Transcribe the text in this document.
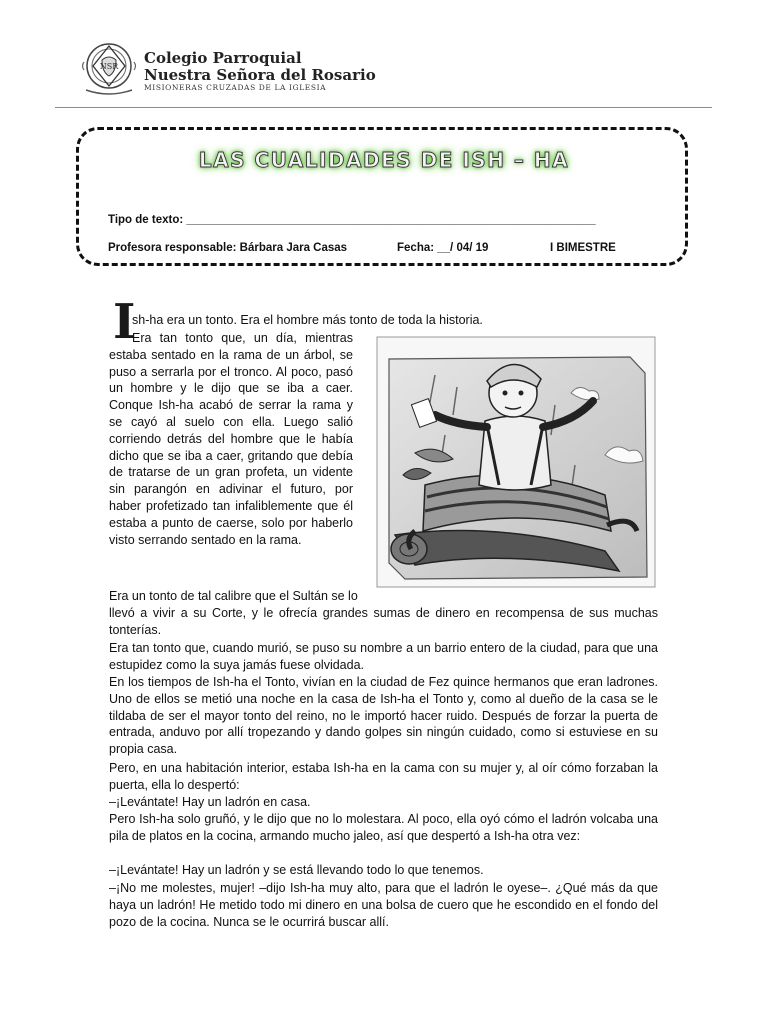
NSR Colegio Parroquial
Nuestra Señora del Rosario
MISIONERAS CRUZADAS DE LA IGLESIA
LAS CUALIDADES DE ISH – HA
Tipo de texto: ________________________________________________________________
Profesora responsable: Bárbara Jara Casas	Fecha: __/ 04/ 19	I BIMESTRE
I
sh-ha era un tonto. Era el hombre más tonto de toda la historia.
Era tan tonto que, un día, mientras estaba sentado en la rama de un árbol, se puso a serrarla por el tronco. Al poco, pasó un hombre y le dijo que se iba a caer. Conque Ish-ha acabó de serrar la rama y se cayó al suelo con ella. Luego salió corriendo detrás del hombre que le había dicho que se iba a caer, gritando que debía de tratarse de un gran profeta, un vidente sin parangón en adivinar el futuro, por haber profetizado tan infaliblemente que él estaba a punto de caerse, solo por haberlo visto serrando sentado en la rama.
Era un tonto de tal calibre que el Sultán se lo
llevó a vivir a su Corte, y le ofrecía grandes sumas de dinero en recompensa de sus muchas tonterías.
Era tan tonto que, cuando murió, se puso su nombre a un barrio entero de la ciudad, para que una estupidez como la suya jamás fuese olvidada.
En los tiempos de Ish-ha el Tonto, vivían en la ciudad de Fez quince hermanos que eran ladrones. Uno de ellos se metió una noche en la casa de Ish-ha el Tonto y, como al dueño de la casa se le tildaba de ser el mayor tonto del reino, no le importó hacer ruido. Después de forzar la puerta de entrada, anduvo por allí tropezando y dando golpes sin ningún cuidado, como si estuviese en su propia casa.
Pero, en una habitación interior, estaba Ish-ha en la cama con su mujer y, al oír cómo forzaban la puerta, ella lo despertó:
–¡Levántate! Hay un ladrón en casa.
Pero Ish-ha solo gruñó, y le dijo que no lo molestara. Al poco, ella oyó cómo el ladrón volcaba una pila de platos en la cocina, armando mucho jaleo, así que despertó a Ish-ha otra vez:
–¡Levántate! Hay un ladrón y se está llevando todo lo que tenemos.
–¡No me molestes, mujer! –dijo Ish-ha muy alto, para que el ladrón le oyese–. ¿Qué más da que haya un ladrón! He metido todo mi dinero en una bolsa de cuero que he escondido en el fondo del pozo de la cocina. Nunca se le ocurrirá buscar allí.
